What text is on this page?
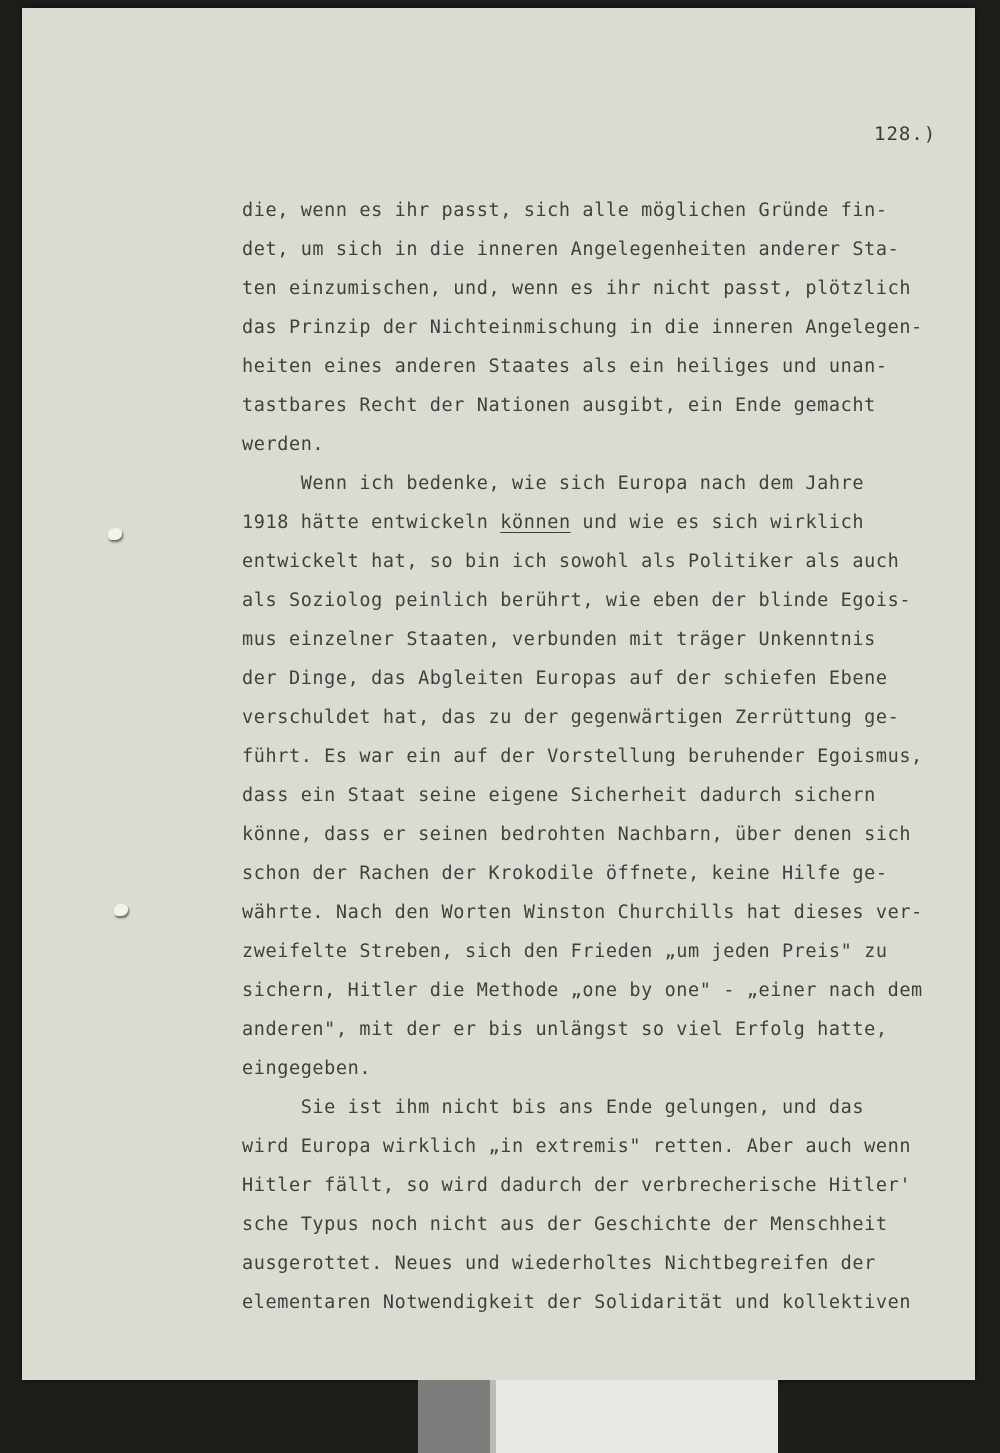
128.)
die, wenn es ihr passt, sich alle möglichen Gründe fin-
det, um sich in die inneren Angelegenheiten anderer Sta-
ten einzumischen, und, wenn es ihr nicht passt, plötzlich
das Prinzip der Nichteinmischung in die inneren Angelegen-
heiten eines anderen Staates als ein heiliges und unan-
tastbares Recht der Nationen ausgibt, ein Ende gemacht
werden.
Wenn ich bedenke, wie sich Europa nach dem Jahre
1918 hätte entwickeln können und wie es sich wirklich
entwickelt hat, so bin ich sowohl als Politiker als auch
als Soziolog peinlich berührt, wie eben der blinde Egois-
mus einzelner Staaten, verbunden mit träger Unkenntnis
der Dinge, das Abgleiten Europas auf der schiefen Ebene
verschuldet hat, das zu der gegenwärtigen Zerrüttung ge-
führt. Es war ein auf der Vorstellung beruhender Egoismus,
dass ein Staat seine eigene Sicherheit dadurch sichern
könne, dass er seinen bedrohten Nachbarn, über denen sich
schon der Rachen der Krokodile öffnete, keine Hilfe ge-
währte. Nach den Worten Winston Churchills hat dieses ver-
zweifelte Streben, sich den Frieden „um jeden Preis" zu
sichern, Hitler die Methode „one by one" - „einer nach dem
anderen", mit der er bis unlängst so viel Erfolg hatte,
eingegeben.
Sie ist ihm nicht bis ans Ende gelungen, und das
wird Europa wirklich „in extremis" retten. Aber auch wenn
Hitler fällt, so wird dadurch der verbrecherische Hitler'
sche Typus noch nicht aus der Geschichte der Menschheit
ausgerottet. Neues und wiederholtes Nichtbegreifen der
elementaren Notwendigkeit der Solidarität und kollektiven
